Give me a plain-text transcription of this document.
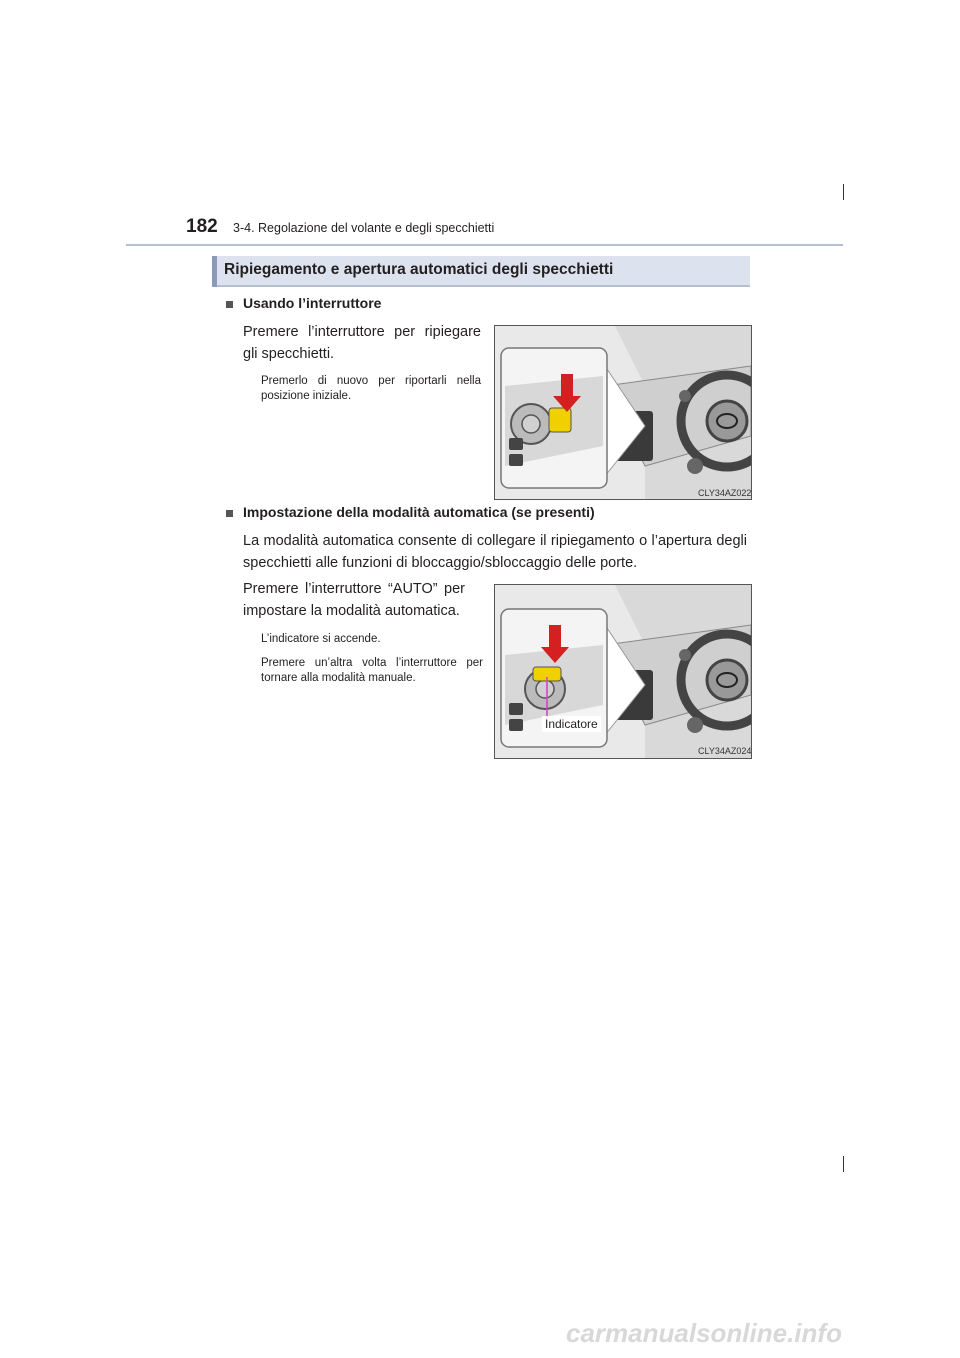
182 3-4. Regolazione del volante e degli specchietti
Ripiegamento e apertura automatici degli specchietti
Usando l’interruttore
Premere l’interruttore per ripiegare gli specchietti.
Premerlo di nuovo per riportarli nella posizione iniziale.
CLY34AZ022
Impostazione della modalità automatica (se presenti)
La modalità automatica consente di collegare il ripiegamento o l’apertura degli specchietti alle funzioni di bloccaggio/sbloccaggio delle porte.
Premere l’interruttore “AUTO” per impostare la modalità automatica.
L’indicatore si accende.
Premere un’altra volta l’interruttore per tornare alla modalità manuale.
Indicatore
CLY34AZ024
carmanualsonline.info
